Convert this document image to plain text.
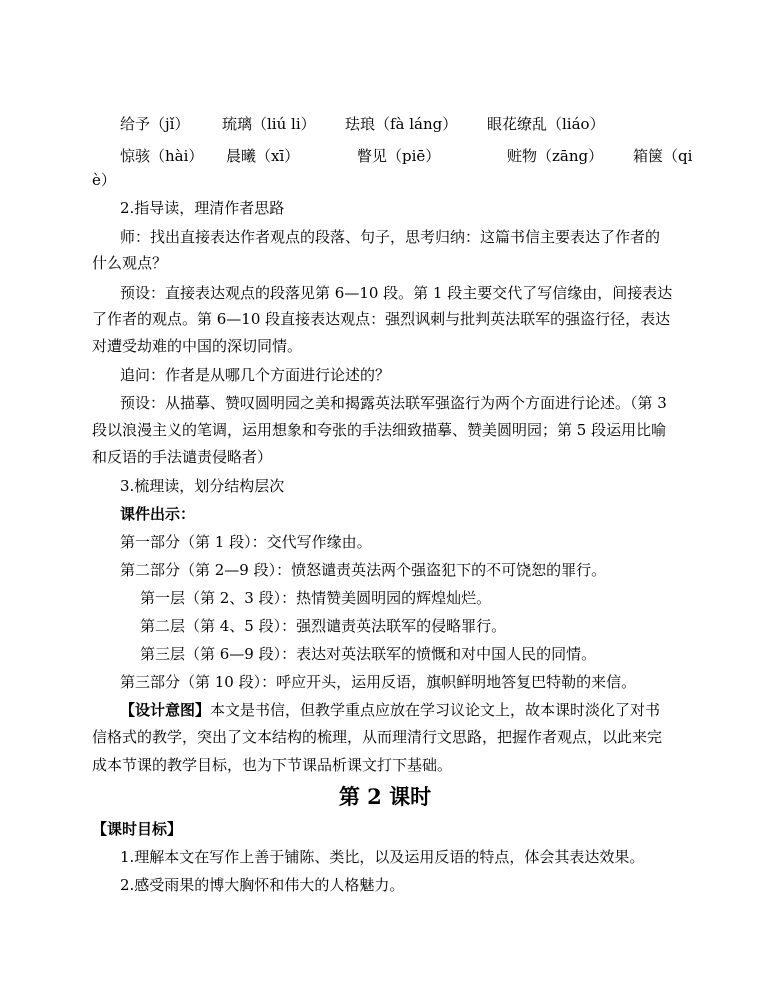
给予（jǐ） 琉璃（liú li） 珐琅（fà láng） 眼花缭乱（liáo）
惊骇（hài） 晨曦（xī）	瞥见（piē）	赃物（zāng） 箱箧（qi
è）
2.指导读，理清作者思路
师：找出直接表达作者观点的段落、句子，思考归纳：这篇书信主要表达了作者的
什么观点？
预设：直接表达观点的段落见第 6—10 段。第 1 段主要交代了写信缘由，间接表达
了作者的观点。第 6—10 段直接表达观点：强烈讽刺与批判英法联军的强盗行径，表达
对遭受劫难的中国的深切同情。
追问：作者是从哪几个方面进行论述的？
预设：从描摹、赞叹圆明园之美和揭露英法联军强盗行为两个方面进行论述。（第 3
段以浪漫主义的笔调，运用想象和夸张的手法细致描摹、赞美圆明园；第 5 段运用比喻
和反语的手法谴责侵略者）
3.梳理读，划分结构层次
课件出示：
第一部分（第 1 段）：交代写作缘由。
第二部分（第 2—9 段）：愤怒谴责英法两个强盗犯下的不可饶恕的罪行。
第一层（第 2、3 段）：热情赞美圆明园的辉煌灿烂。
第二层（第 4、5 段）：强烈谴责英法联军的侵略罪行。
第三层（第 6—9 段）：表达对英法联军的愤慨和对中国人民的同情。
第三部分（第 10 段）：呼应开头，运用反语，旗帜鲜明地答复巴特勒的来信。
【设计意图】本文是书信，但教学重点应放在学习议论文上，故本课时淡化了对书
信格式的教学，突出了文本结构的梳理，从而理清行文思路，把握作者观点，以此来完
成本节课的教学目标，也为下节课品析课文打下基础。
第 2 课时
【课时目标】
1.理解本文在写作上善于铺陈、类比，以及运用反语的特点，体会其表达效果。
2.感受雨果的博大胸怀和伟大的人格魅力。
